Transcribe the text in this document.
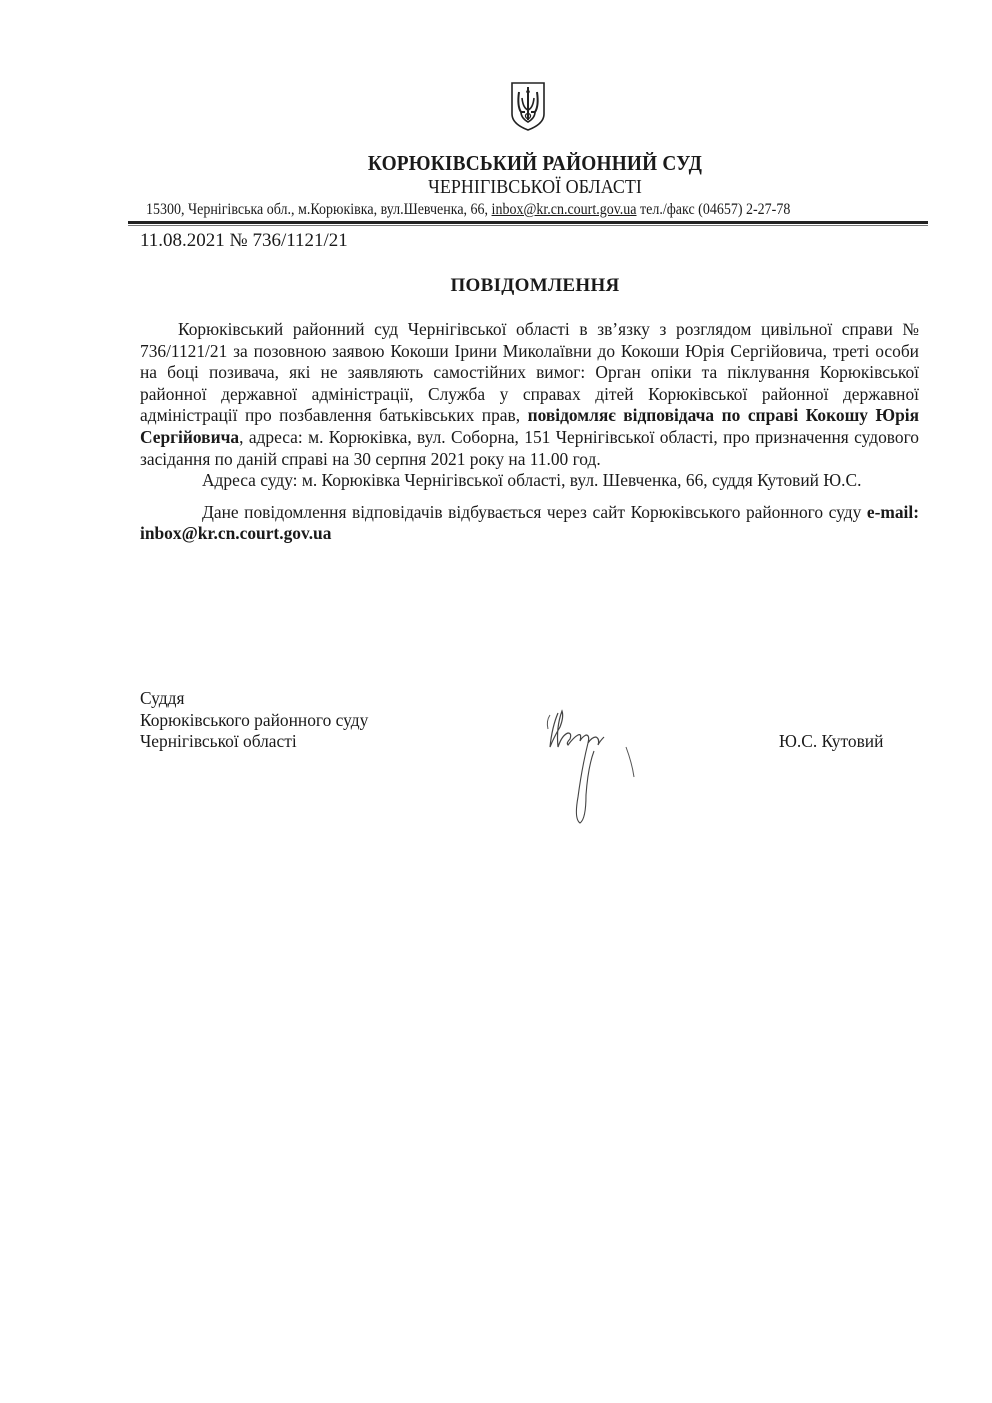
КОРЮКІВСЬКИЙ РАЙОННИЙ СУД
ЧЕРНІГІВСЬКОЇ ОБЛАСТІ
15300, Чернігівська обл., м.Корюківка, вул.Шевченка, 66, inbox@kr.cn.court.gov.ua тел./факс (04657) 2-27-78
11.08.2021 № 736/1121/21
ПОВІДОМЛЕННЯ

Корюківський районний суд Чернігівської області в зв’язку з розглядом цивільної справи № 736/1121/21 за позовною заявою Кокоши Ірини Миколаївни до Кокоши Юрія Сергійовича, треті особи на боці позивача, які не заявляють самостійних вимог: Орган опіки та піклування Корюківської районної державної адміністрації, Служба у справах дітей Корюківської районної державної адміністрації про позбавлення батьківських прав, повідомляє відповідача по справі Кокошу Юрія Сергійовича, адреса: м. Корюківка, вул. Соборна, 151 Чернігівської області, про призначення судового засідання по даній справі на 30 серпня 2021 року на 11.00 год.

Адреса суду: м. Корюківка Чернігівської області, вул. Шевченка, 66, суддя Кутовий Ю.С.

Дане повідомлення відповідачів відбувається через сайт Корюківського районного суду e-mail: inbox@kr.cn.court.gov.ua

Суддя
Корюківського районного суду
Чернігівської області	Ю.С. Кутовий
